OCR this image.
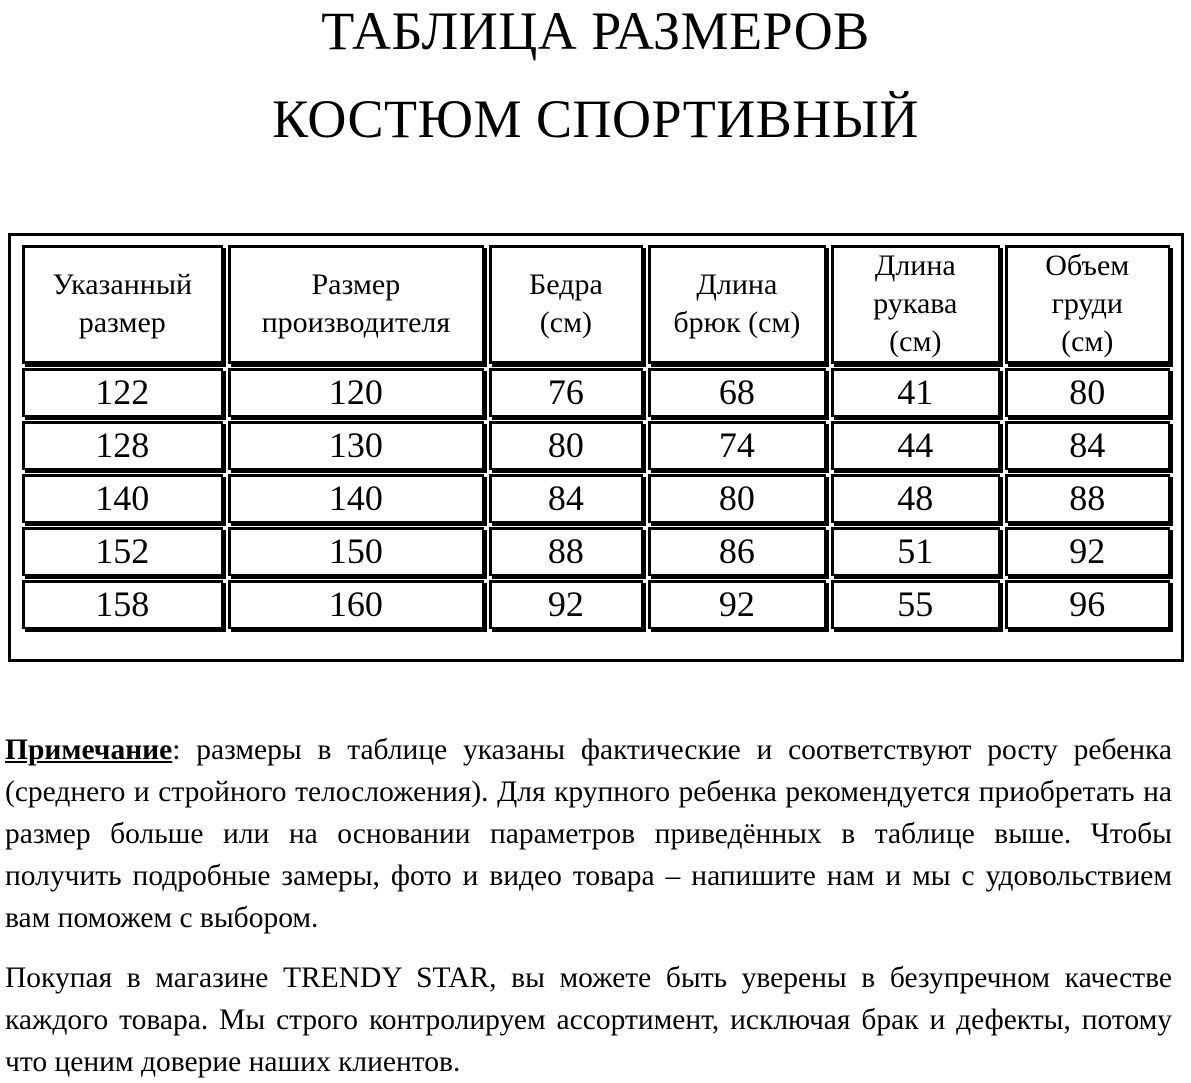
ТАБЛИЦА РАЗМЕРОВ
КОСТЮМ СПОРТИВНЫЙ
Указанный размер	Размер производителя	Бедра (см)	Длина брюк (см)	Длина рукава (см)	Объем груди (см)
122	120	76	68	41	80
128	130	80	74	44	84
140	140	84	80	48	88
152	150	88	86	51	92
158	160	92	92	55	96

Примечание: размеры в таблице указаны фактические и соответствуют росту ребенка (среднего и стройного телосложения). Для крупного ребенка рекомендуется приобретать на размер больше или на основании параметров приведённых в таблице выше. Чтобы получить подробные замеры, фото и видео товара – напишите нам и мы с удовольствием вам поможем с выбором.

Покупая в магазине TRENDY STAR, вы можете быть уверены в безупречном качестве каждого товара. Мы строго контролируем ассортимент, исключая брак и дефекты, потому что ценим доверие наших клиентов.
